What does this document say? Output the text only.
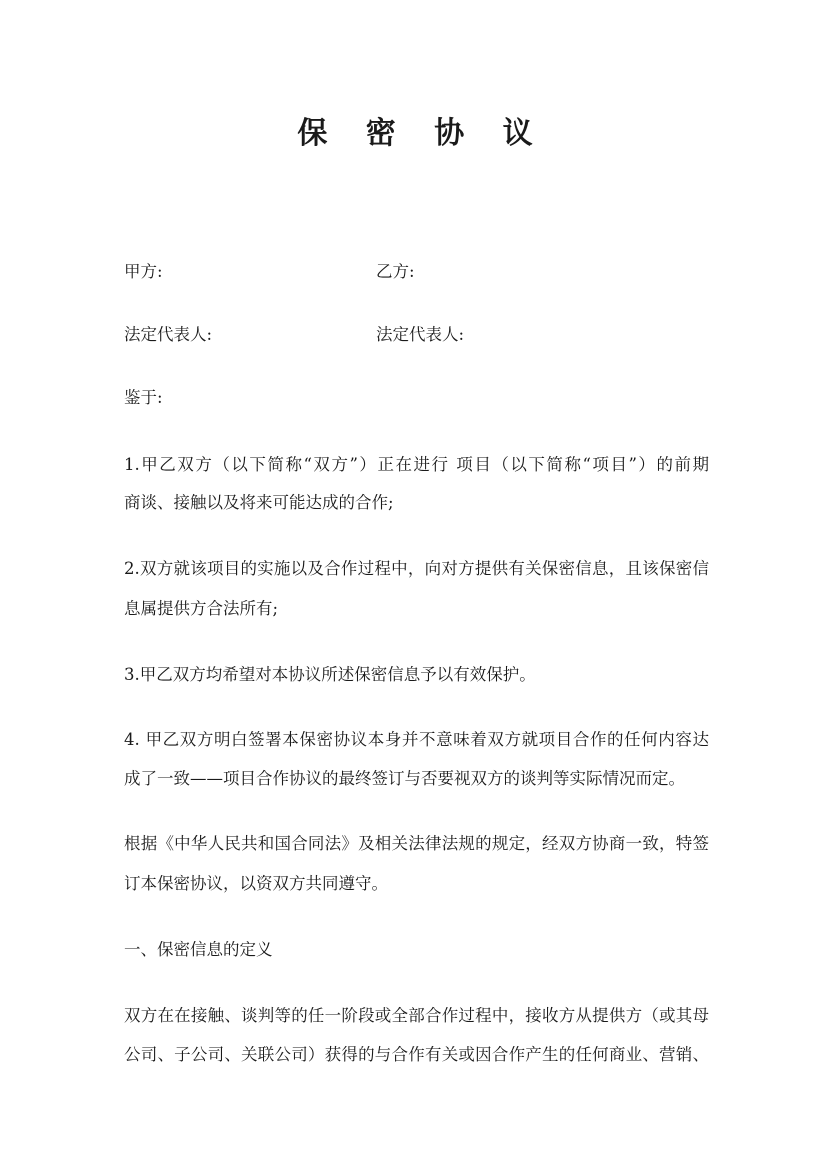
保 密 协 议

甲方:	乙方:

法定代表人:	法定代表人:

鉴于:

1.甲乙双方（以下简称“双方”）正在进行 项目（以下简称“项目”）的前期

商谈、接触以及将来可能达成的合作;

2.双方就该项目的实施以及合作过程中，向对方提供有关保密信息，且该保密信

息属提供方合法所有;

3.甲乙双方均希望对本协议所述保密信息予以有效保护。

4. 甲乙双方明白签署本保密协议本身并不意味着双方就项目合作的任何内容达

成了一致——项目合作协议的最终签订与否要视双方的谈判等实际情况而定。

根据《中华人民共和国合同法》及相关法律法规的规定，经双方协商一致，特签

订本保密协议，以资双方共同遵守。

一、保密信息的定义

双方在在接触、谈判等的任一阶段或全部合作过程中，接收方从提供方（或其母

公司、子公司、关联公司）获得的与合作有关或因合作产生的任何商业、营销、
